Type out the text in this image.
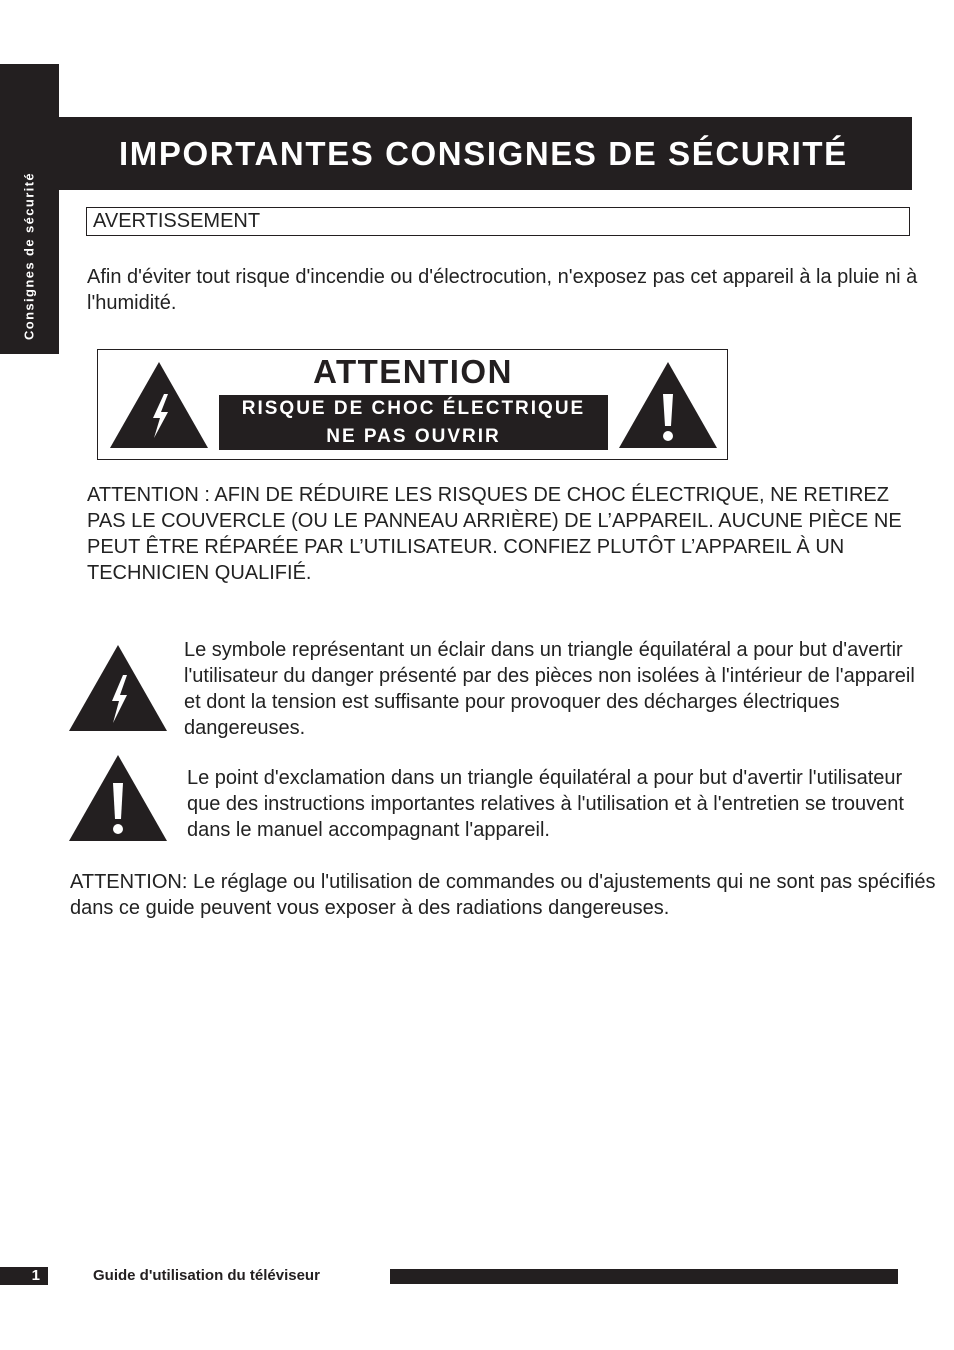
Consignes de sécurité
IMPORTANTES CONSIGNES DE SÉCURITÉ
AVERTISSEMENT
Afin d'éviter tout risque d'incendie ou d'électrocution, n'exposez pas cet appareil à la pluie ni à l'humidité.
ATTENTION
RISQUE DE CHOC ÉLECTRIQUE
NE PAS OUVRIR
ATTENTION : AFIN DE RÉDUIRE LES RISQUES DE CHOC ÉLECTRIQUE, NE RETIREZ PAS LE COUVERCLE (OU LE PANNEAU ARRIÈRE) DE L’APPAREIL. AUCUNE PIÈCE NE PEUT ÊTRE RÉPARÉE PAR L’UTILISATEUR. CONFIEZ PLUTÔT L’APPAREIL À UN TECHNICIEN QUALIFIÉ.
Le symbole représentant un éclair dans un triangle équilatéral a pour but d'avertir l'utilisateur du danger présenté par des pièces non isolées à l'intérieur de l'appareil et dont la tension est suffisante pour provoquer des décharges électriques dangereuses.
Le point d'exclamation dans un triangle équilatéral a pour but d'avertir l'utilisateur que des instructions importantes relatives à l'utilisation et à l'entretien se trouvent dans le manuel accompagnant l'appareil.
ATTENTION: Le réglage ou l'utilisation de commandes ou d'ajustements qui ne sont pas spécifiés dans ce guide peuvent vous exposer à des radiations dangereuses.
1	Guide d'utilisation du téléviseur
